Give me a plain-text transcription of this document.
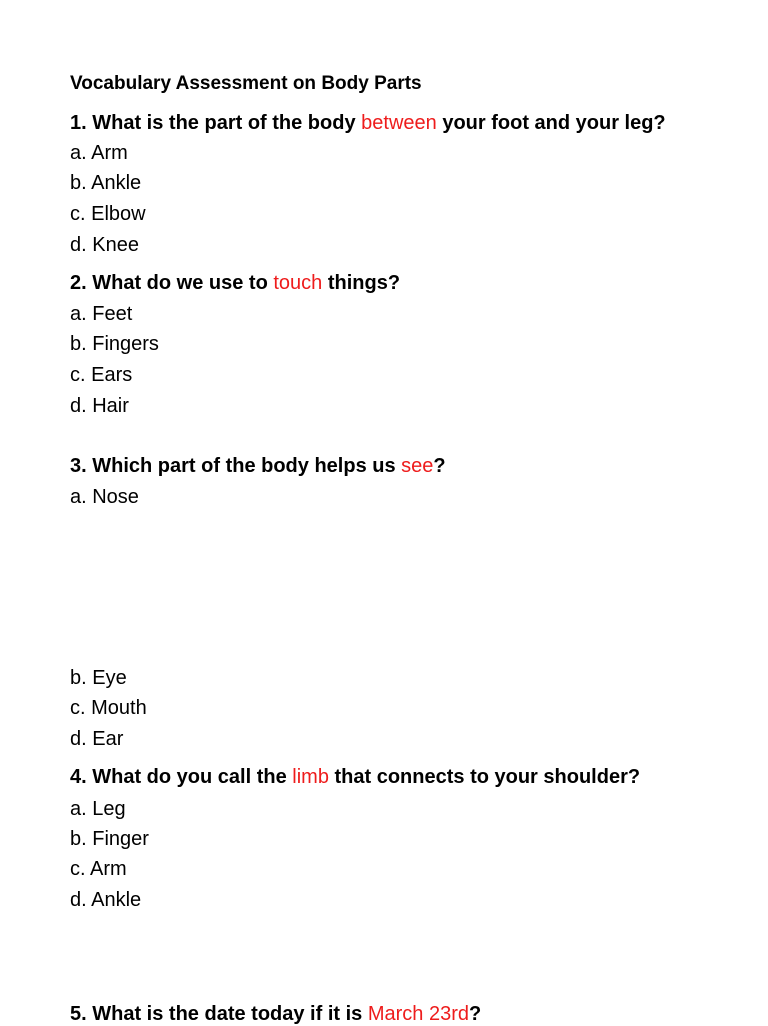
Vocabulary Assessment on Body Parts
1. What is the part of the body between your foot and your leg?
a. Arm
b. Ankle
c. Elbow
d. Knee
2. What do we use to touch things?
a. Feet
b. Fingers
c. Ears
d. Hair
3. Which part of the body helps us see?
a. Nose
b. Eye
c. Mouth
d. Ear
4. What do you call the limb that connects to your shoulder?
a. Leg
b. Finger
c. Arm
d. Ankle
5. What is the date today if it is March 23rd?
